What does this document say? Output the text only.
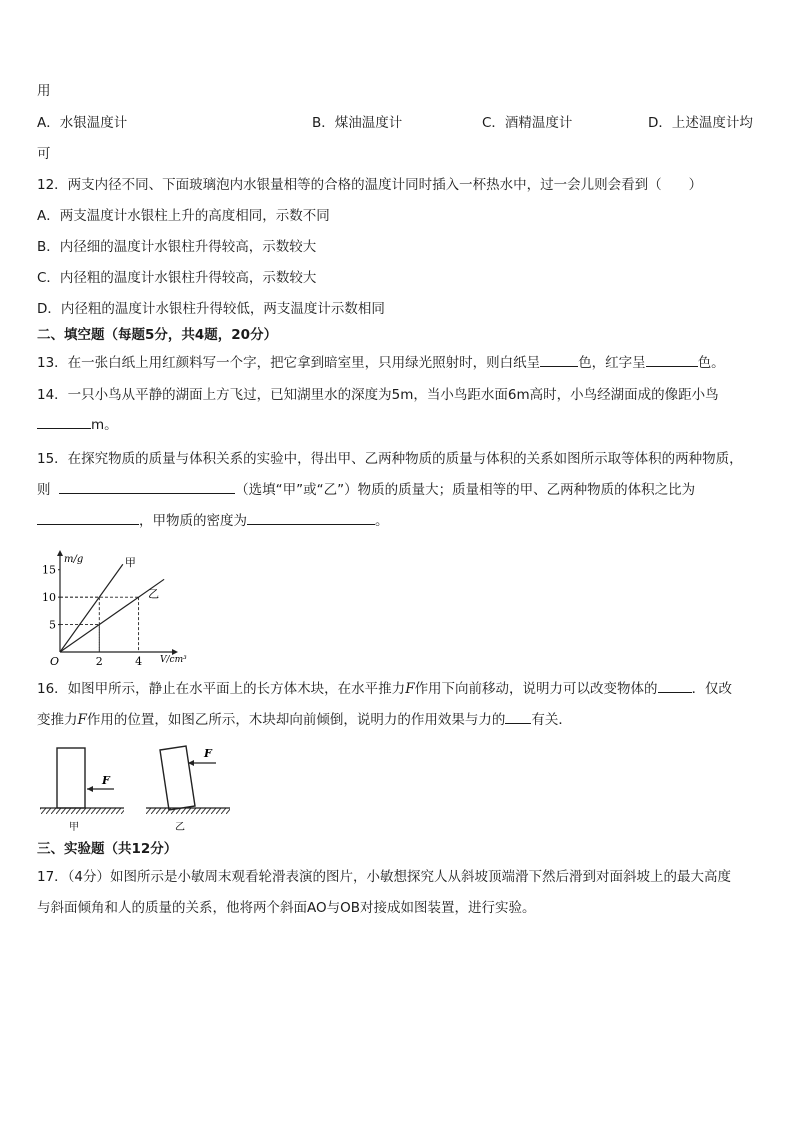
用
A．水银温度计	B．煤油温度计	C．酒精温度计	D．上述温度计均
可
12．两支内径不同、下面玻璃泡内水银量相等的合格的温度计同时插入一杯热水中，过一会儿则会看到（　　）
A．两支温度计水银柱上升的高度相同，示数不同
B．内径细的温度计水银柱升得较高，示数较大
C．内径粗的温度计水银柱升得较高，示数较大
D．内径粗的温度计水银柱升得较低，两支温度计示数相同
二、填空题（每题5分，共4题，20分）
13．在一张白纸上用红颜料写一个字，把它拿到暗室里，只用绿光照射时，则白纸呈	色，红字呈	色。
14．一只小鸟从平静的湖面上方飞过，已知湖里水的深度为5m，当小鸟距水面6m高时，小鸟经湖面成的像距小鸟
m。
15．在探究物质的质量与体积关系的实验中，得出甲、乙两种物质的质量与体积的关系如图所示取等体积的两种物质，
则	（选填“甲”或“乙”）物质的质量大；质量相等的甲、乙两种物质的体积之比为
，甲物质的密度为	。
甲
乙
5
10
15
2	4
m/g
V/cm³
O
16．如图甲所示，静止在水平面上的长方体木块，在水平推力F作用下向前移动，说明力可以改变物体的	．仅改
变推力F作用的位置，如图乙所示，木块却向前倾倒，说明力的作用效果与力的 有关．
F
甲
F
乙
三、实验题（共12分）
17．（4分）如图所示是小敏周末观看轮滑表演的图片，小敏想探究人从斜坡顶端滑下然后滑到对面斜坡上的最大高度
与斜面倾角和人的质量的关系，他将两个斜面AO与OB对接成如图装置，进行实验。
